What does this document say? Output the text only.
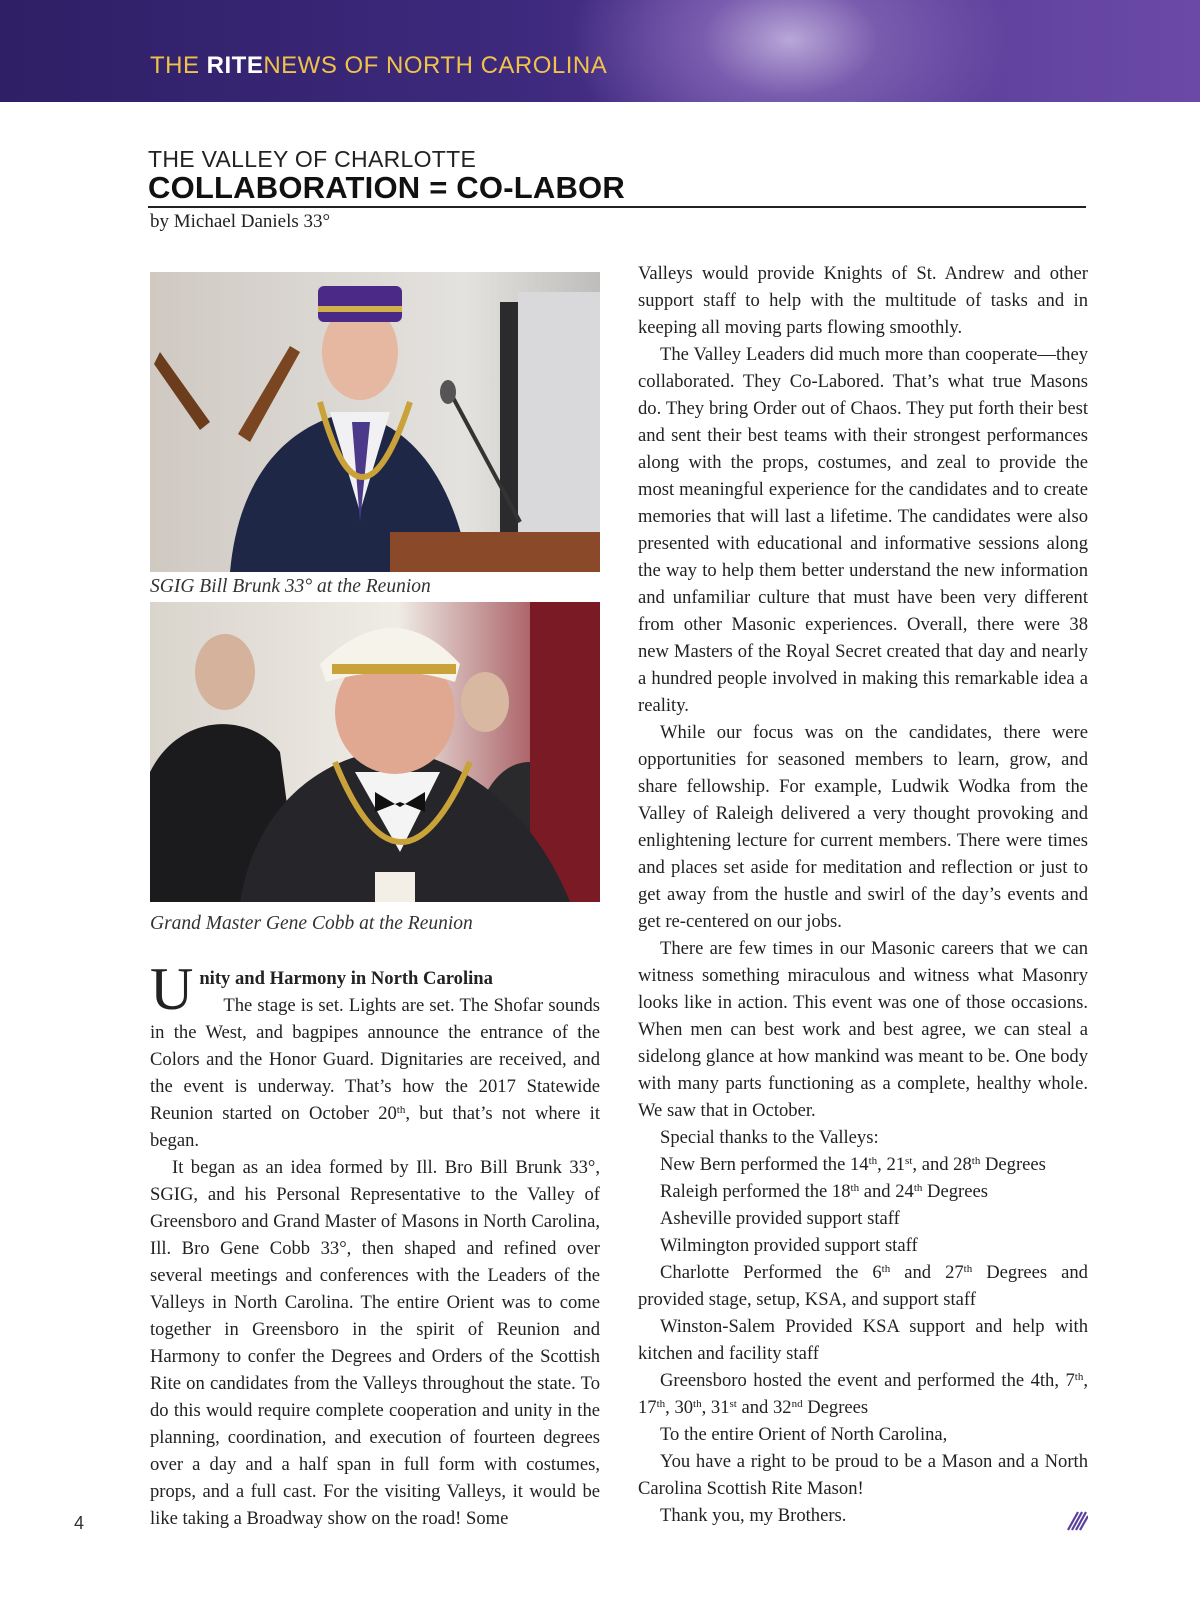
THE RITENEWS OF NORTH CAROLINA
THE VALLEY OF CHARLOTTE
COLLABORATION = CO-LABOR
by Michael Daniels 33°
SGIG Bill Brunk 33° at the Reunion
Grand Master Gene Cobb at the Reunion

Unity and Harmony in North Carolina
The stage is set. Lights are set. The Shofar sounds in the West, and bagpipes announce the entrance of the Colors and the Honor Guard. Dignitaries are received, and the event is underway. That’s how the 2017 Statewide Reunion started on October 20th, but that’s not where it began.

It began as an idea formed by Ill. Bro Bill Brunk 33°, SGIG, and his Personal Representative to the Valley of Greensboro and Grand Master of Masons in North Carolina, Ill. Bro Gene Cobb 33°, then shaped and refined over several meetings and conferences with the Leaders of the Valleys in North Carolina. The entire Orient was to come together in Greensboro in the spirit of Reunion and Harmony to confer the Degrees and Orders of the Scottish Rite on candidates from the Valleys throughout the state. To do this would require complete cooperation and unity in the planning, coordination, and execution of fourteen degrees over a day and a half span in full form with costumes, props, and a full cast. For the visiting Valleys, it would be like taking a Broadway show on the road! Some

Valleys would provide Knights of St. Andrew and other support staff to help with the multitude of tasks and in keeping all moving parts flowing smoothly.

The Valley Leaders did much more than cooperate—they collaborated. They Co-Labored. That’s what true Masons do. They bring Order out of Chaos. They put forth their best and sent their best teams with their strongest performances along with the props, costumes, and zeal to provide the most meaningful experience for the candidates and to create memories that will last a lifetime. The candidates were also presented with educational and informative sessions along the way to help them better understand the new information and unfamiliar culture that must have been very different from other Masonic experiences. Overall, there were 38 new Masters of the Royal Secret created that day and nearly a hundred people involved in making this remarkable idea a reality.

While our focus was on the candidates, there were opportunities for seasoned members to learn, grow, and share fellowship. For example, Ludwik Wodka from the Valley of Raleigh delivered a very thought provoking and enlightening lecture for current members. There were times and places set aside for meditation and reflection or just to get away from the hustle and swirl of the day’s events and get re-centered on our jobs.

There are few times in our Masonic careers that we can witness something miraculous and witness what Masonry looks like in action. This event was one of those occasions. When men can best work and best agree, we can steal a sidelong glance at how mankind was meant to be. One body with many parts functioning as a complete, healthy whole. We saw that in October.

Special thanks to the Valleys:

New Bern performed the 14th, 21st, and 28th Degrees

Raleigh performed the 18th and 24th Degrees

Asheville provided support staff

Wilmington provided support staff

Charlotte Performed the 6th and 27th Degrees and provided stage, setup, KSA, and support staff

Winston-Salem Provided KSA support and help with kitchen and facility staff

Greensboro hosted the event and performed the 4th, 7th, 17th, 30th, 31st and 32nd Degrees

To the entire Orient of North Carolina,

You have a right to be proud to be a Mason and a North Carolina Scottish Rite Mason!

Thank you, my Brothers.

4
